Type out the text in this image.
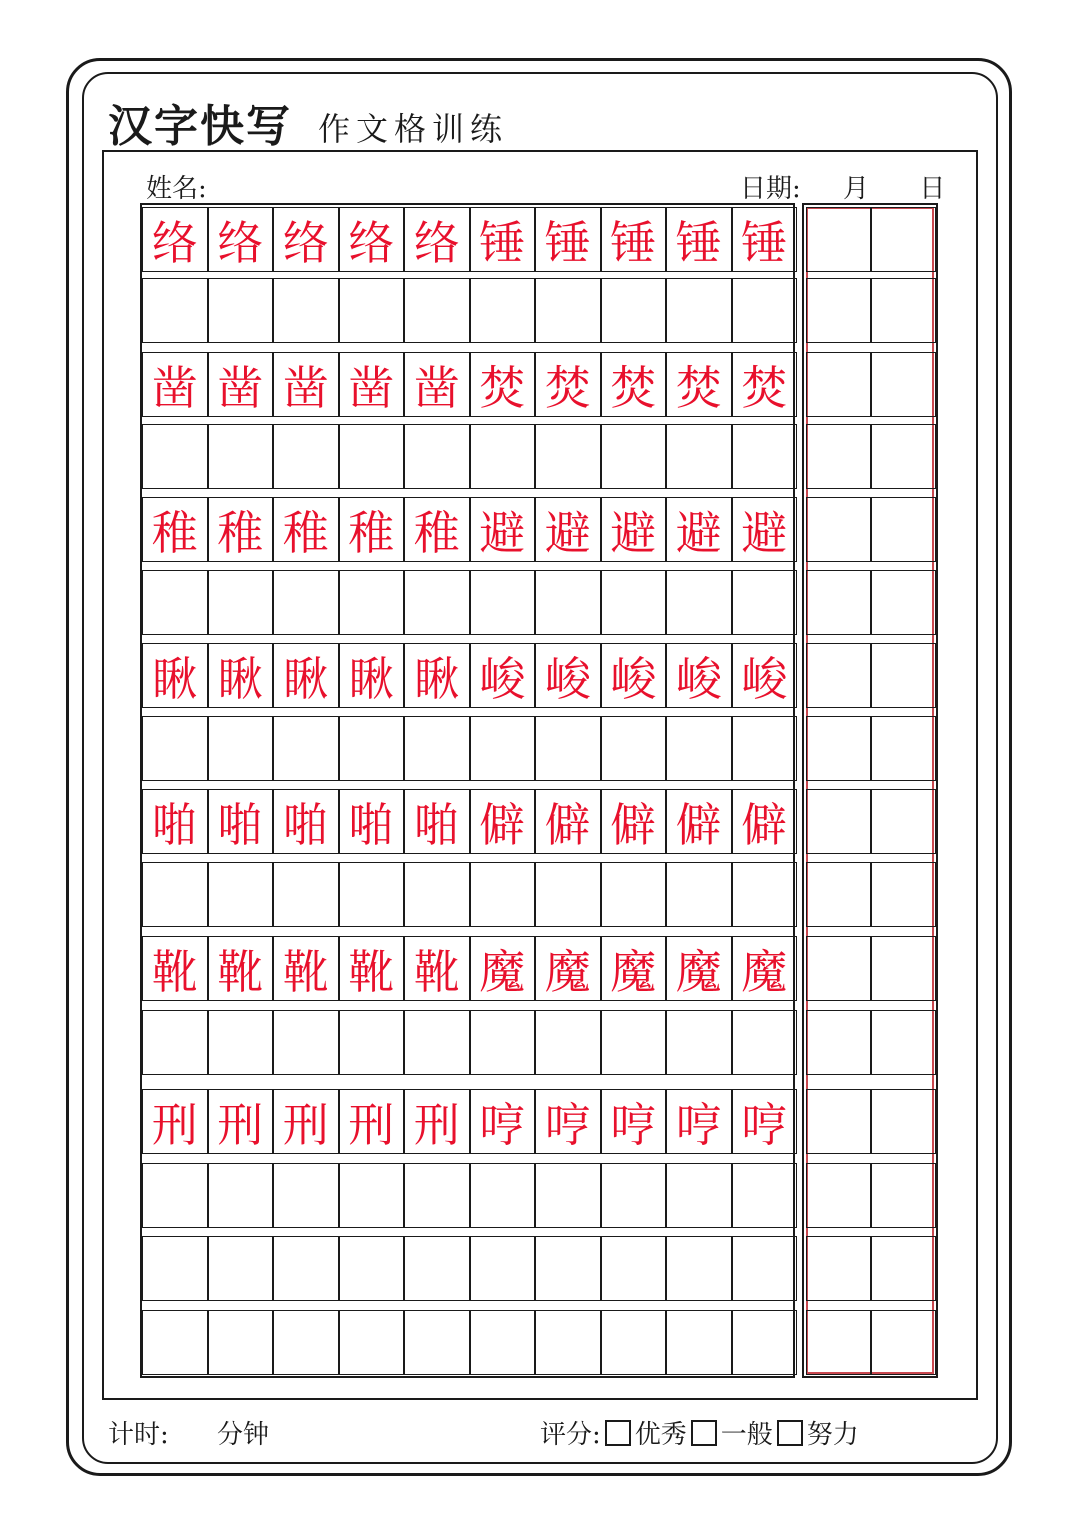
汉字快写 作文格训练
姓名:	日期: 月 日
络 络 络 络 络 锤 锤 锤 锤 锤
凿 凿 凿 凿 凿 焚 焚 焚 焚 焚
稚 稚 稚 稚 稚 避 避 避 避 避
瞅 瞅 瞅 瞅 瞅 峻 峻 峻 峻 峻
啪 啪 啪 啪 啪 僻 僻 僻 僻 僻
靴 靴 靴 靴 靴 魔 魔 魔 魔 魔
刑 刑 刑 刑 刑 哼 哼 哼 哼 哼
计时: 分钟	评分: 优秀 一般 努力
